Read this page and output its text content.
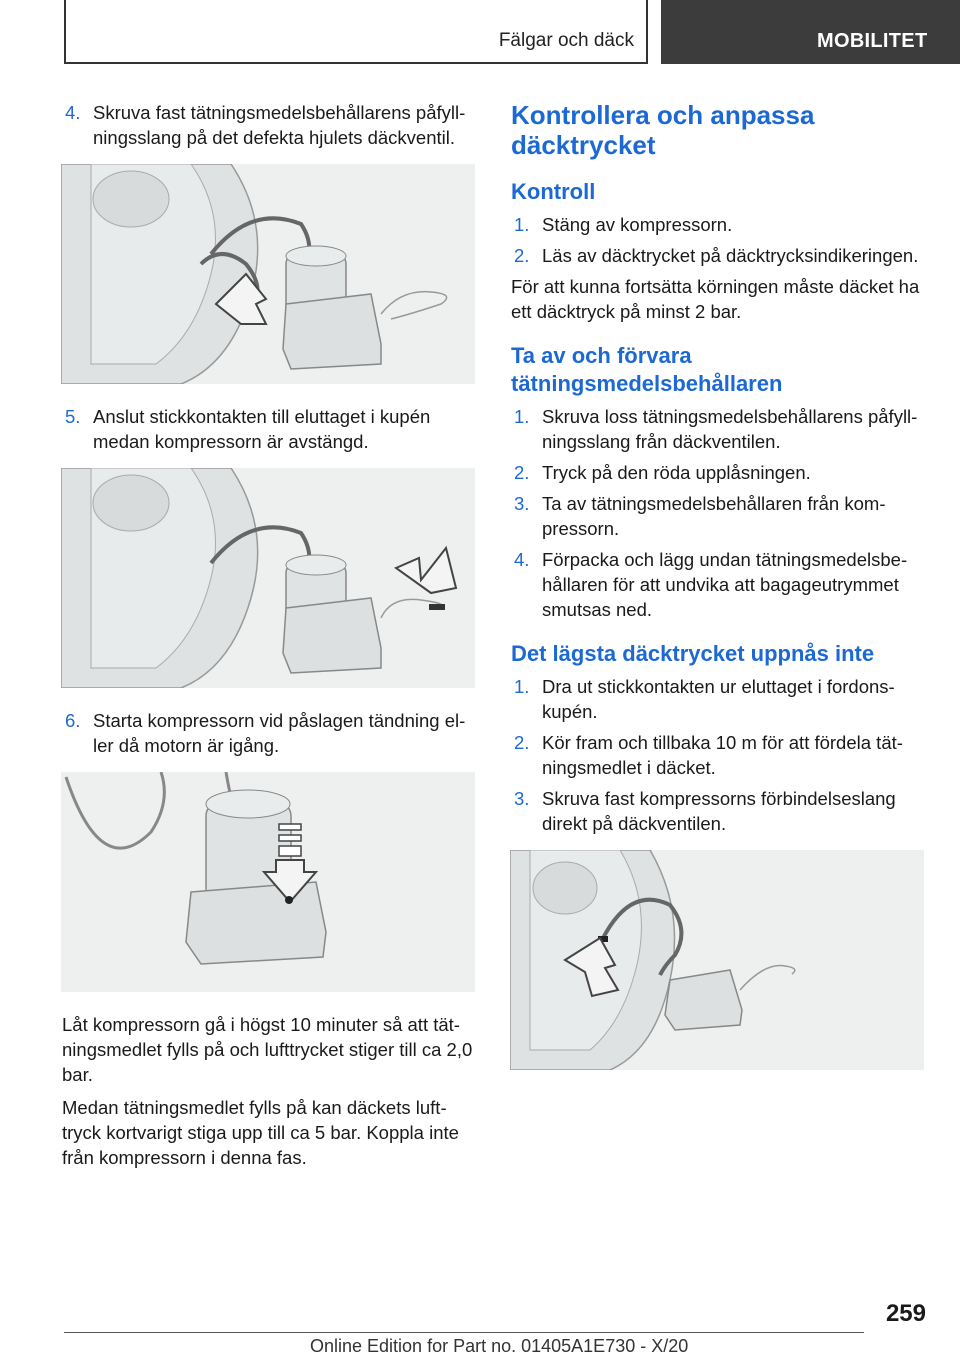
Fälgar och däck	MOBILITET
4. Skruva fast tätningsmedelsbehållarens påfyllningsslang på det defekta hjulets däckventil.
5. Anslut stickkontakten till eluttaget i kupén medan kompressorn är avstängd.
6. Starta kompressorn vid påslagen tändning eller då motorn är igång.

Låt kompressorn gå i högst 10 minuter så att tätningsmedlet fylls på och lufttrycket stiger till ca 2,0 bar.

Medan tätningsmedlet fylls på kan däckets lufttryck kortvarigt stiga upp till ca 5 bar. Koppla inte från kompressorn i denna fas.

Kontrollera och anpassa däcktrycket
Kontroll
1. Stäng av kompressorn.
2. Läs av däcktrycket på däcktrycksindikeringen.

För att kunna fortsätta körningen måste däcket ha ett däcktryck på minst 2 bar.

Ta av och förvara tätningsmedelsbehållaren
1. Skruva loss tätningsmedelsbehållarens påfyllningsslang från däckventilen.
2. Tryck på den röda upplåsningen.
3. Ta av tätningsmedelsbehållaren från kompressorn.
4. Förpacka och lägg undan tätningsmedelsbehållaren för att undvika att bagageutrymmet smutsas ned.
Det lägsta däcktrycket uppnås inte
1. Dra ut stickkontakten ur eluttaget i fordonskupén.
2. Kör fram och tillbaka 10 m för att fördela tätningsmedlet i däcket.
3. Skruva fast kompressorns förbindelseslang direkt på däckventilen.
259
Online Edition for Part no. 01405A1E730 - X/20
